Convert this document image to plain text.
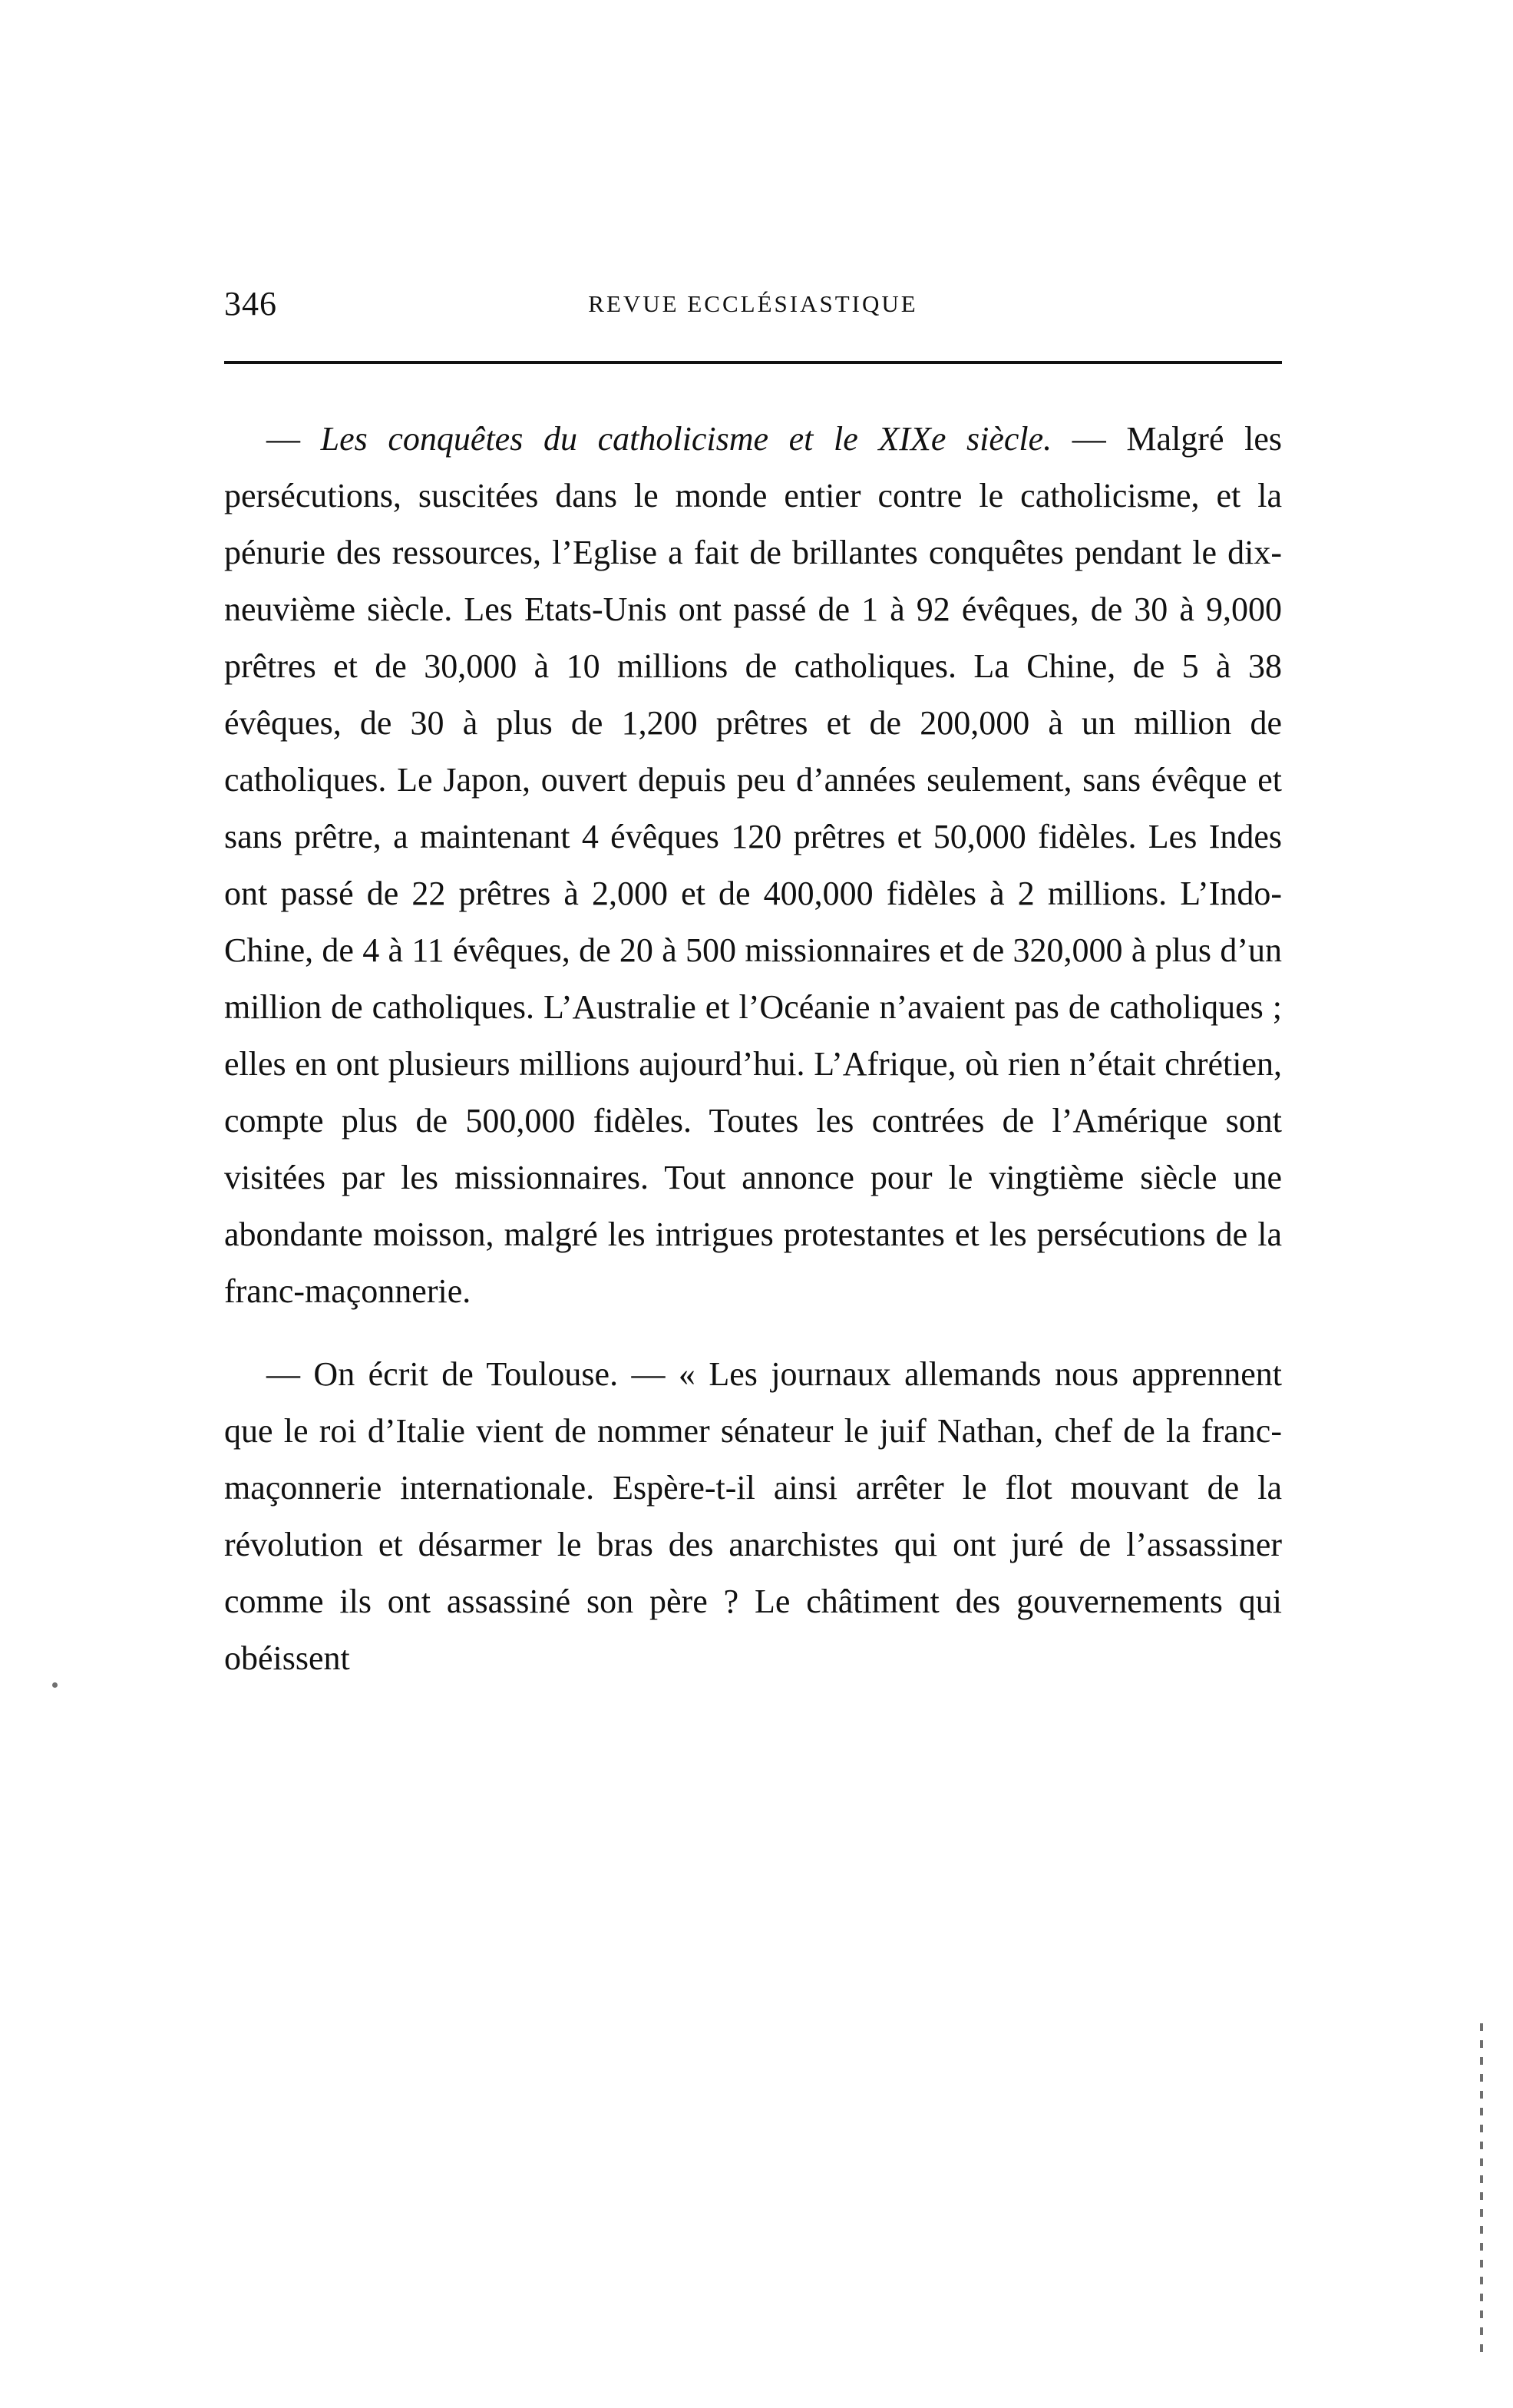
346	REVUE ECCLÉSIASTIQUE

— Les conquêtes du catholicisme et le XIXe siècle. — Malgré les persécutions, suscitées dans le monde entier contre le catholicisme, et la pénurie des ressources, l’Eglise a fait de brillantes conquêtes pendant le dix-neuvième siècle. Les Etats-Unis ont passé de 1 à 92 évêques, de 30 à 9,000 prêtres et de 30,000 à 10 millions de catholiques. La Chine, de 5 à 38 évêques, de 30 à plus de 1,200 prêtres et de 200,000 à un million de catholiques. Le Japon, ouvert depuis peu d’années seulement, sans évêque et sans prêtre, a maintenant 4 évêques 120 prêtres et 50,000 fidèles. Les Indes ont passé de 22 prêtres à 2,000 et de 400,000 fidèles à 2 millions. L’Indo-Chine, de 4 à 11 évêques, de 20 à 500 missionnaires et de 320,000 à plus d’un million de catholiques. L’Australie et l’Océanie n’avaient pas de catholiques ; elles en ont plusieurs millions aujourd’hui. L’Afrique, où rien n’était chrétien, compte plus de 500,000 fidèles. Toutes les contrées de l’Amérique sont visitées par les missionnaires. Tout annonce pour le vingtième siècle une abondante moisson, malgré les intrigues protestantes et les persécutions de la franc-maçonnerie.

— On écrit de Toulouse. — « Les journaux allemands nous apprennent que le roi d’Italie vient de nommer sénateur le juif Nathan, chef de la franc-maçonnerie internationale. Espère-t-il ainsi arrêter le flot mouvant de la révolution et désarmer le bras des anarchistes qui ont juré de l’assassiner comme ils ont assassiné son père ? Le châtiment des gouvernements qui obéissent
